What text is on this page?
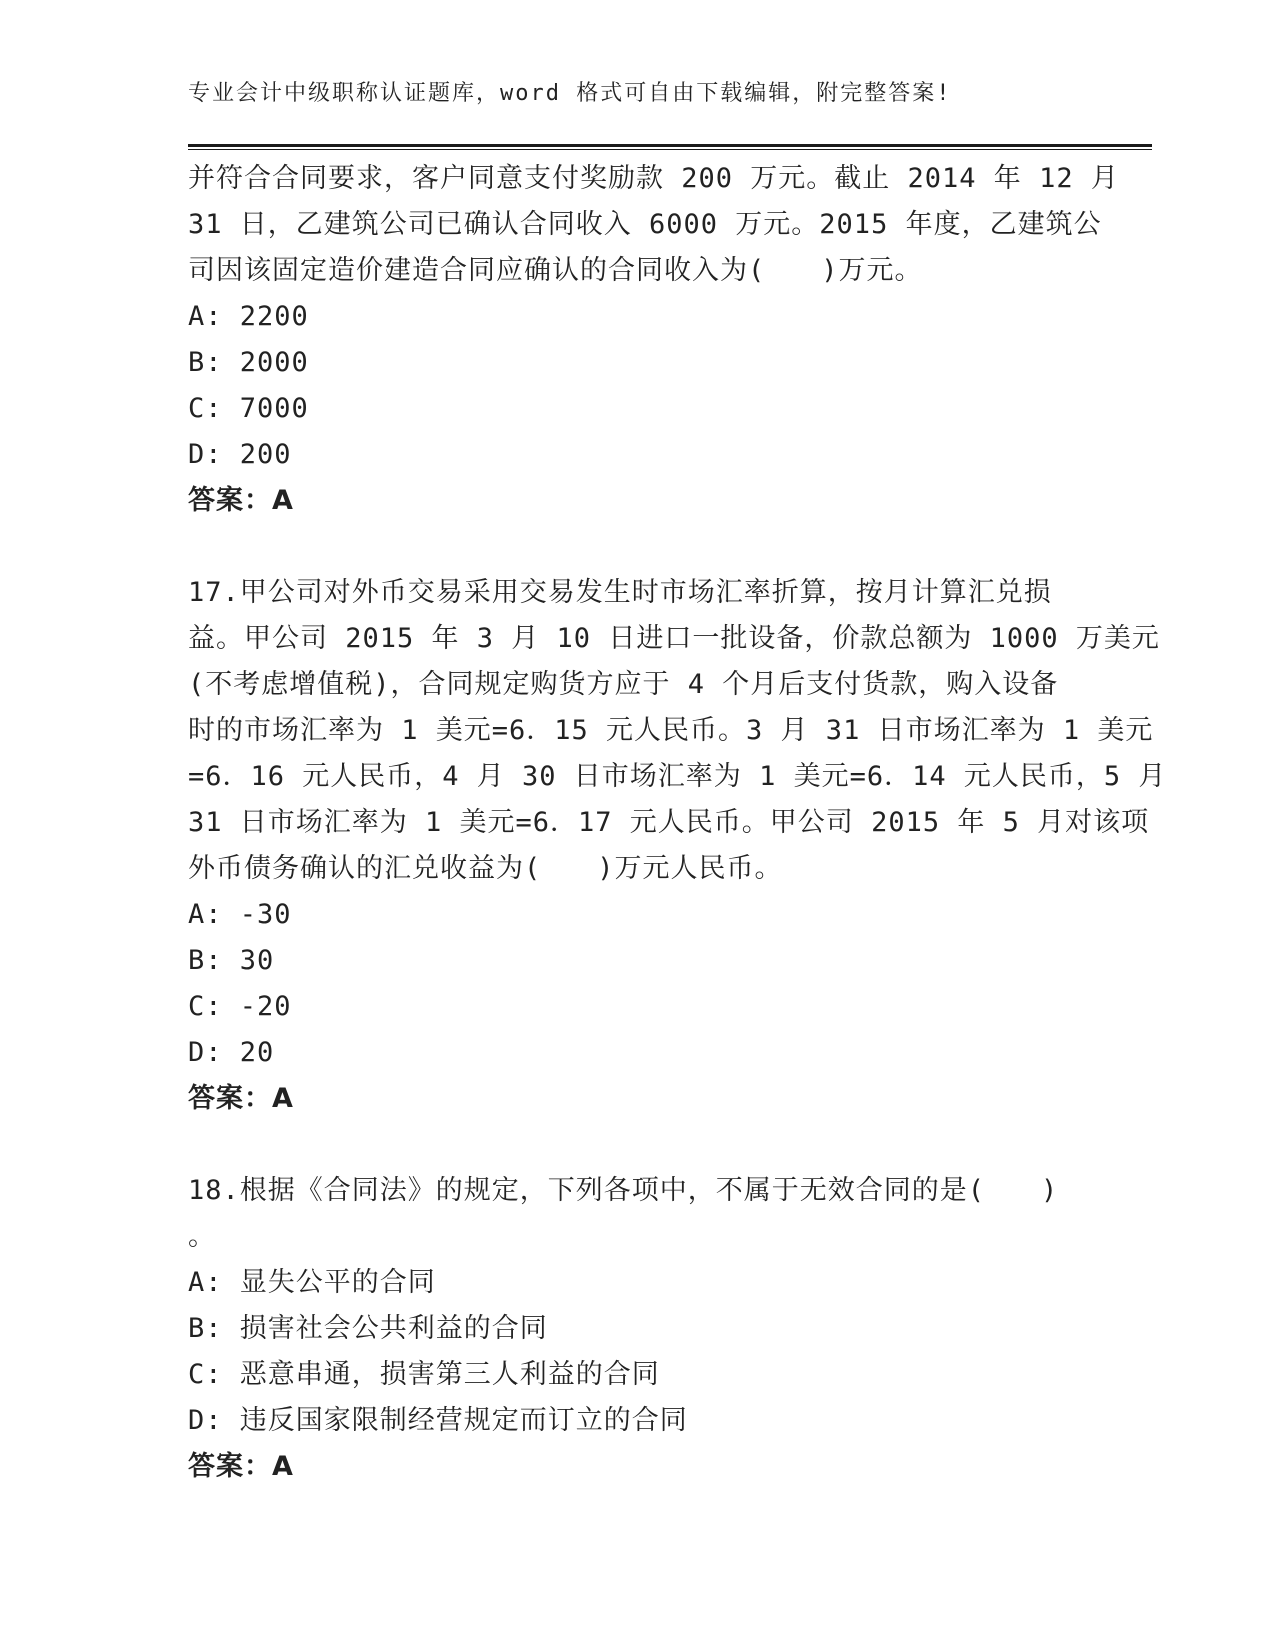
专业会计中级职称认证题库，word 格式可自由下载编辑，附完整答案!
并符合合同要求，客户同意支付奖励款 200 万元。截止 2014 年 12 月
31 日，乙建筑公司已确认合同收入 6000 万元。2015 年度，乙建筑公
司因该固定造价建造合同应确认的合同收入为(　　)万元。
A: 2200
B: 2000
C: 7000
D: 200
答案：A
17.甲公司对外币交易采用交易发生时市场汇率折算，按月计算汇兑损
益。甲公司 2015 年 3 月 10 日进口一批设备，价款总额为 1000 万美元
(不考虑增值税)，合同规定购货方应于 4 个月后支付货款，购入设备
时的市场汇率为 1 美元=6．15 元人民币。3 月 31 日市场汇率为 1 美元
=6．16 元人民币，4 月 30 日市场汇率为 1 美元=6．14 元人民币，5 月
31 日市场汇率为 1 美元=6．17 元人民币。甲公司 2015 年 5 月对该项
外币债务确认的汇兑收益为(　　)万元人民币。
A: -30
B: 30
C: -20
D: 20
答案：A
18.根据《合同法》的规定，下列各项中，不属于无效合同的是(　　)
。
A: 显失公平的合同
B: 损害社会公共利益的合同
C: 恶意串通，损害第三人利益的合同
D: 违反国家限制经营规定而订立的合同
答案：A
